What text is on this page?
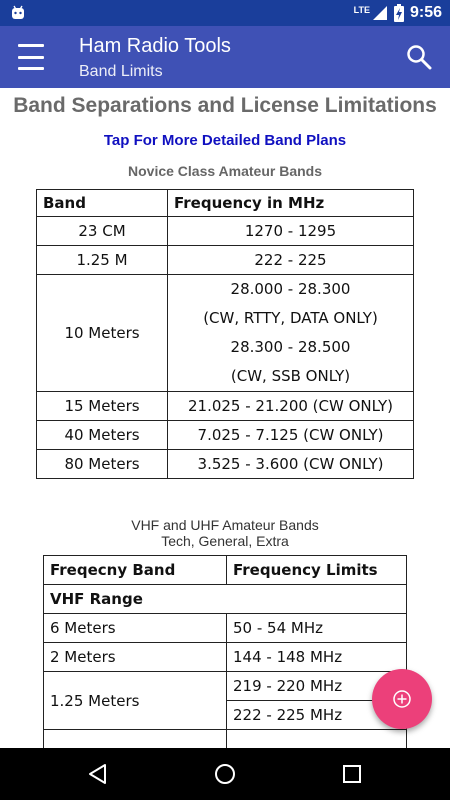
LTE	9:56
Ham Radio Tools
Band Limits
Band Separations and License Limitations
Tap For More Detailed Band Plans
Novice Class Amateur Bands
Band	Frequency in MHz
23 CM	1270 - 1295
1.25 M	222 - 225
10 Meters	28.000 - 28.300
(CW, RTTY, DATA ONLY)
28.300 - 28.500
(CW, SSB ONLY)

15 Meters	21.025 - 21.200 (CW ONLY)
40 Meters	7.025 - 7.125 (CW ONLY)
80 Meters	3.525 - 3.600 (CW ONLY)
VHF and UHF Amateur Bands
Tech, General, Extra
Freqecny Band	Frequency Limits
VHF Range	
6 Meters	50 - 54 MHz
2 Meters	144 - 148 MHz
1.25 Meters	219 - 220 MHz
	222 - 225 MHz
